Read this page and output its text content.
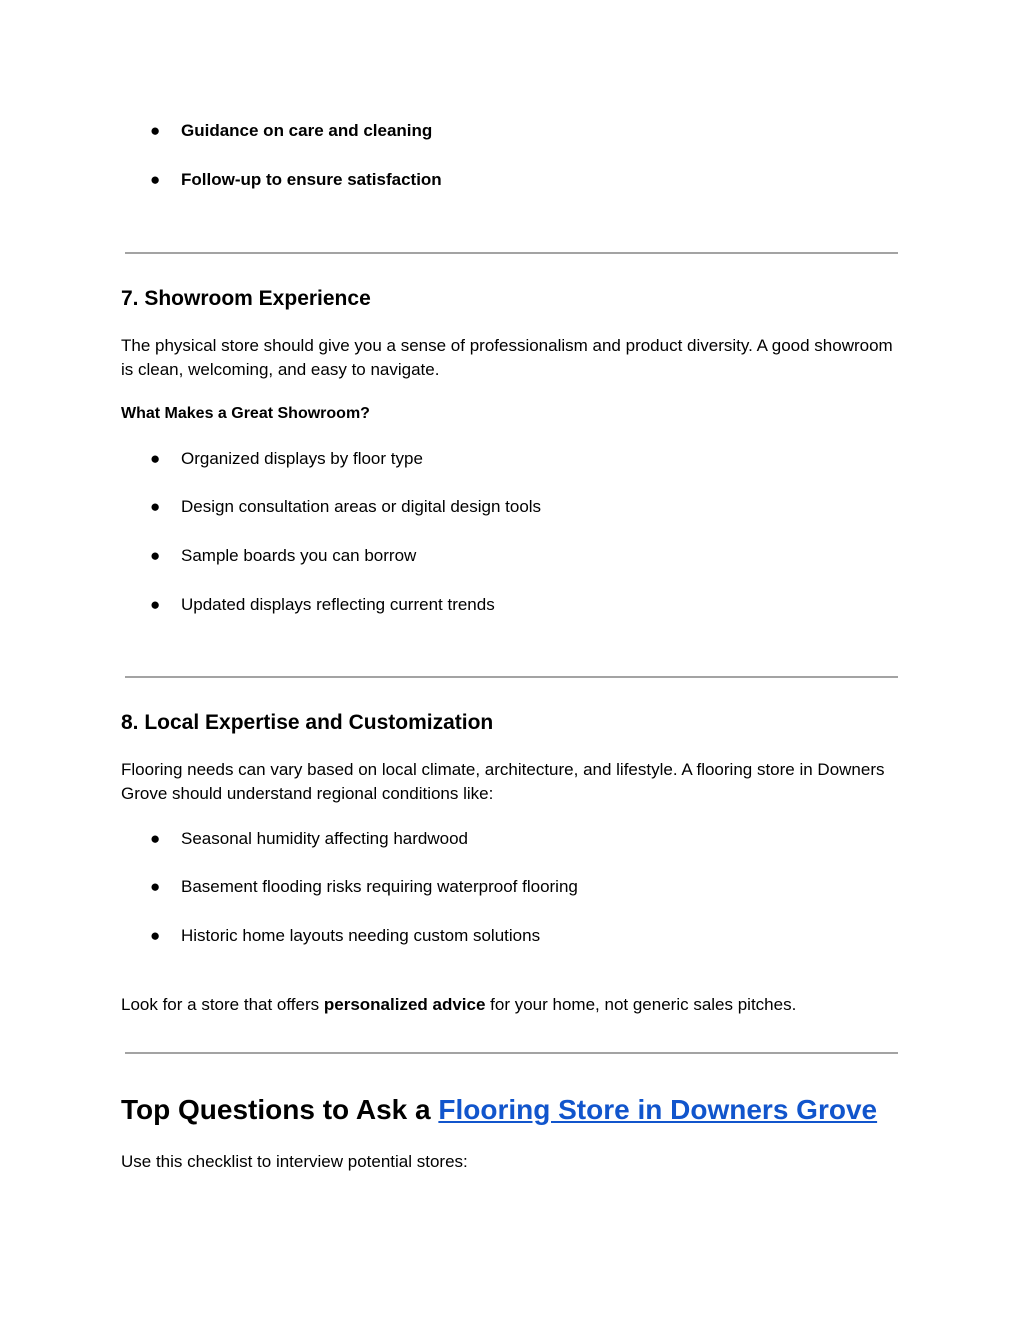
● Guidance on care and cleaning
● Follow-up to ensure satisfaction
7. Showroom Experience
The physical store should give you a sense of professionalism and product diversity. A good showroom is clean, welcoming, and easy to navigate.
What Makes a Great Showroom?
● Organized displays by floor type
● Design consultation areas or digital design tools
● Sample boards you can borrow
● Updated displays reflecting current trends
8. Local Expertise and Customization
Flooring needs can vary based on local climate, architecture, and lifestyle. A flooring store in Downers Grove should understand regional conditions like:
● Seasonal humidity affecting hardwood
● Basement flooding risks requiring waterproof flooring
● Historic home layouts needing custom solutions
Look for a store that offers personalized advice for your home, not generic sales pitches.
Top Questions to Ask a Flooring Store in Downers Grove
Use this checklist to interview potential stores:
